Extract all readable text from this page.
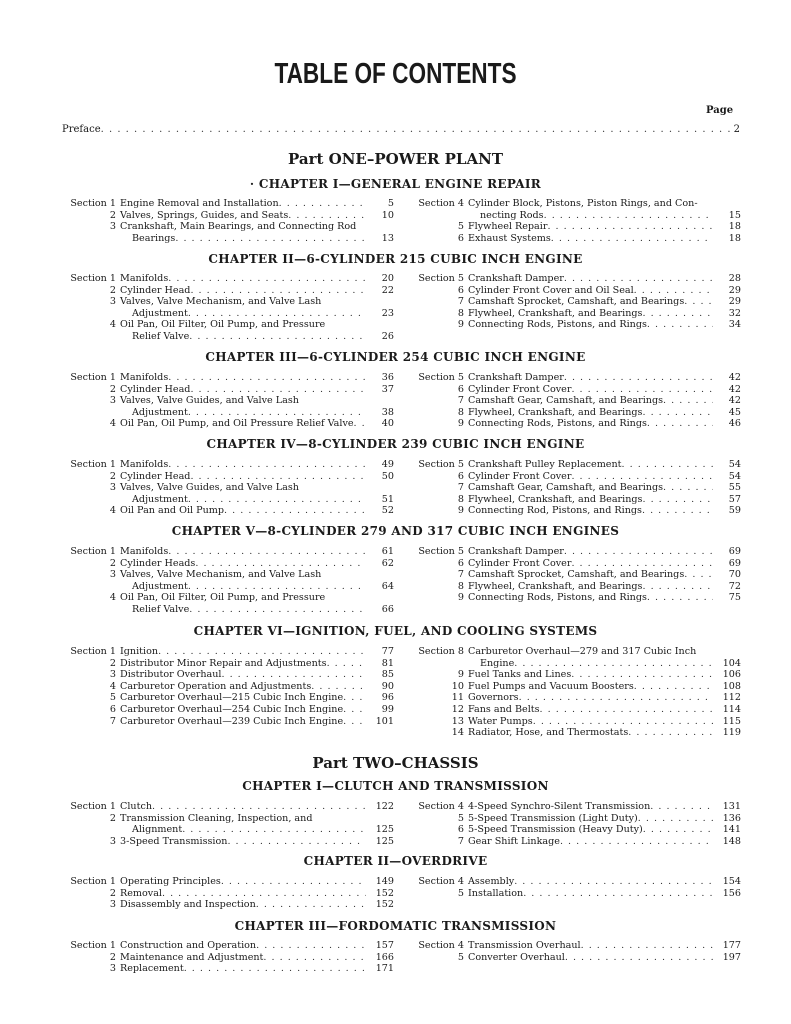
TABLE OF CONTENTS
Page
Preface . . .	2
Part ONE–POWER PLANT
Part TWO–CHASSIS
· CHAPTER I—GENERAL ENGINE REPAIR
Section 1 Engine Removal and Installation . . .	5
2 Valves, Springs, Guides, and Seats . . .	10
3 Crankshaft, Main Bearings, and Connecting Rod
Bearings . . .	13
Section 4 Cylinder Block, Pistons, Piston Rings, and Con-
necting Rods . . .	15
5 Flywheel Repair . . .	18
6 Exhaust Systems . . .	18
CHAPTER II—6-CYLINDER 215 CUBIC INCH ENGINE
Section 1 Manifolds . . .	20
2 Cylinder Head . . .	22
3 Valves, Valve Mechanism, and Valve Lash
Adjustment . . .	23
4 Oil Pan, Oil Filter, Oil Pump, and Pressure
Relief Valve . . .	26
Section 5 Crankshaft Damper . . .	28
6 Cylinder Front Cover and Oil Seal . . .	29
7 Camshaft Sprocket, Camshaft, and Bearings . . .	29
8 Flywheel, Crankshaft, and Bearings . . .	32
9 Connecting Rods, Pistons, and Rings . . .	34
CHAPTER III—6-CYLINDER 254 CUBIC INCH ENGINE
Section 1 Manifolds . . .	36
2 Cylinder Head . . .	37
3 Valves, Valve Guides, and Valve Lash
Adjustment . . .	38
4 Oil Pan, Oil Pump, and Oil Pressure Relief Valve . . .	40
Section 5 Crankshaft Damper . . .	42
6 Cylinder Front Cover . . .	42
7 Camshaft Gear, Camshaft, and Bearings . . .	42
8 Flywheel, Crankshaft, and Bearings . . .	45
9 Connecting Rods, Pistons, and Rings . . .	46
CHAPTER IV—8-CYLINDER 239 CUBIC INCH ENGINE
Section 1 Manifolds . . .	49
2 Cylinder Head . . .	50
3 Valves, Valve Guides, and Valve Lash
Adjustment . . .	51
4 Oil Pan and Oil Pump . . .	52
Section 5 Crankshaft Pulley Replacement . . .	54
6 Cylinder Front Cover . . .	54
7 Camshaft Gear, Camshaft, and Bearings . . .	55
8 Flywheel, Crankshaft, and Bearings . . .	57
9 Connecting Rod, Pistons, and Rings . . .	59
CHAPTER V—8-CYLINDER 279 AND 317 CUBIC INCH ENGINES
Section 1 Manifolds . . .	61
2 Cylinder Heads . . .	62
3 Valves, Valve Mechanism, and Valve Lash
Adjustment . . .	64
4 Oil Pan, Oil Filter, Oil Pump, and Pressure
Relief Valve . . .	66
Section 5 Crankshaft Damper . . .	69
6 Cylinder Front Cover . . .	69
7 Camshaft Sprocket, Camshaft, and Bearings . . .	70
8 Flywheel, Crankshaft, and Bearings . . .	72
9 Connecting Rods, Pistons, and Rings . . .	75
CHAPTER VI—IGNITION, FUEL, AND COOLING SYSTEMS
Section 1 Ignition . . .	77
2 Distributor Minor Repair and Adjustments . . .	81
3 Distributor Overhaul . . .	85
4 Carburetor Operation and Adjustments . . .	90
5 Carburetor Overhaul—215 Cubic Inch Engine . . .	96
6 Carburetor Overhaul—254 Cubic Inch Engine . . .	99
7 Carburetor Overhaul—239 Cubic Inch Engine . . .	101
Section 8 Carburetor Overhaul—279 and 317 Cubic Inch
Engine . . .	104
9 Fuel Tanks and Lines . . .	106
10 Fuel Pumps and Vacuum Boosters . . .	108
11 Governors . . .	112
12 Fans and Belts . . .	114
13 Water Pumps . . .	115
14 Radiator, Hose, and Thermostats . . .	119
CHAPTER I—CLUTCH AND TRANSMISSION
Section 1 Clutch . . .	122
2 Transmission Cleaning, Inspection, and
Alignment . . .	125
3 3-Speed Transmission . . .	125
Section 4 4-Speed Synchro-Silent Transmission . . .	131
5 5-Speed Transmission (Light Duty) . . .	136
6 5-Speed Transmission (Heavy Duty) . . .	141
7 Gear Shift Linkage . . .	148
CHAPTER II—OVERDRIVE
Section 1 Operating Principles . . .	149
2 Removal . . .	152
3 Disassembly and Inspection . . .	152
Section 4 Assembly . . .	154
5 Installation . . .	156
CHAPTER III—FORDOMATIC TRANSMISSION
Section 1 Construction and Operation . . .	157
2 Maintenance and Adjustment . . .	166
3 Replacement . . .	171
Section 4 Transmission Overhaul . . .	177
5 Converter Overhaul . . .	197
